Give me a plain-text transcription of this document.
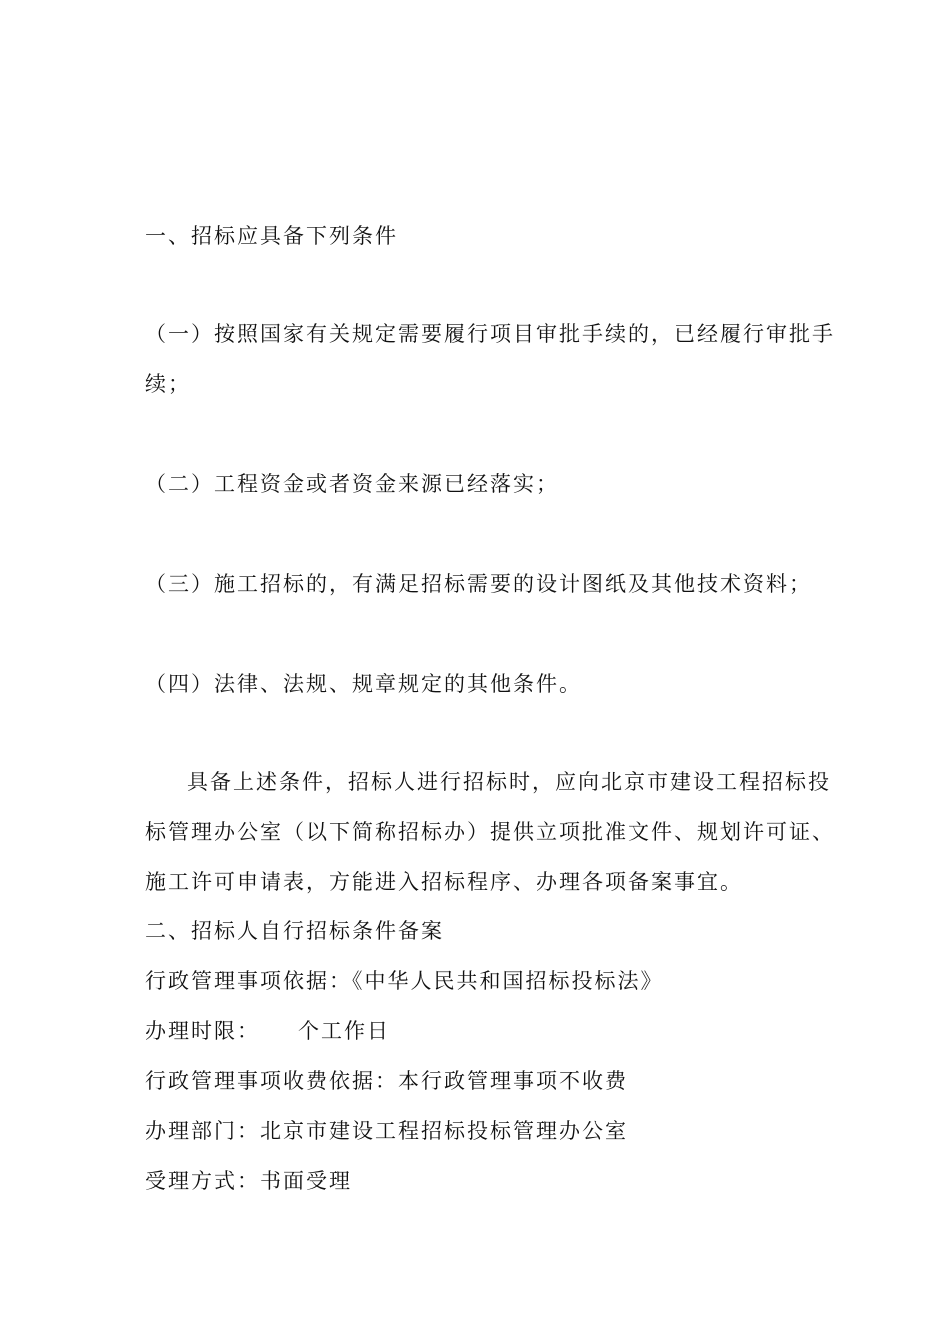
一、招标应具备下列条件
（一）按照国家有关规定需要履行项目审批手续的，已经履行审批手
续；
（二）工程资金或者资金来源已经落实；
（三）施工招标的，有满足招标需要的设计图纸及其他技术资料；
（四）法律、法规、规章规定的其他条件。
具备上述条件，招标人进行招标时，应向北京市建设工程招标投
标管理办公室（以下简称招标办）提供立项批准文件、规划许可证、
施工许可申请表，方能进入招标程序、办理各项备案事宜。
二、招标人自行招标条件备案
行政管理事项依据：《中华人民共和国招标投标法》
办理时限： 个工作日
行政管理事项收费依据：本行政管理事项不收费
办理部门：北京市建设工程招标投标管理办公室
受理方式：书面受理
